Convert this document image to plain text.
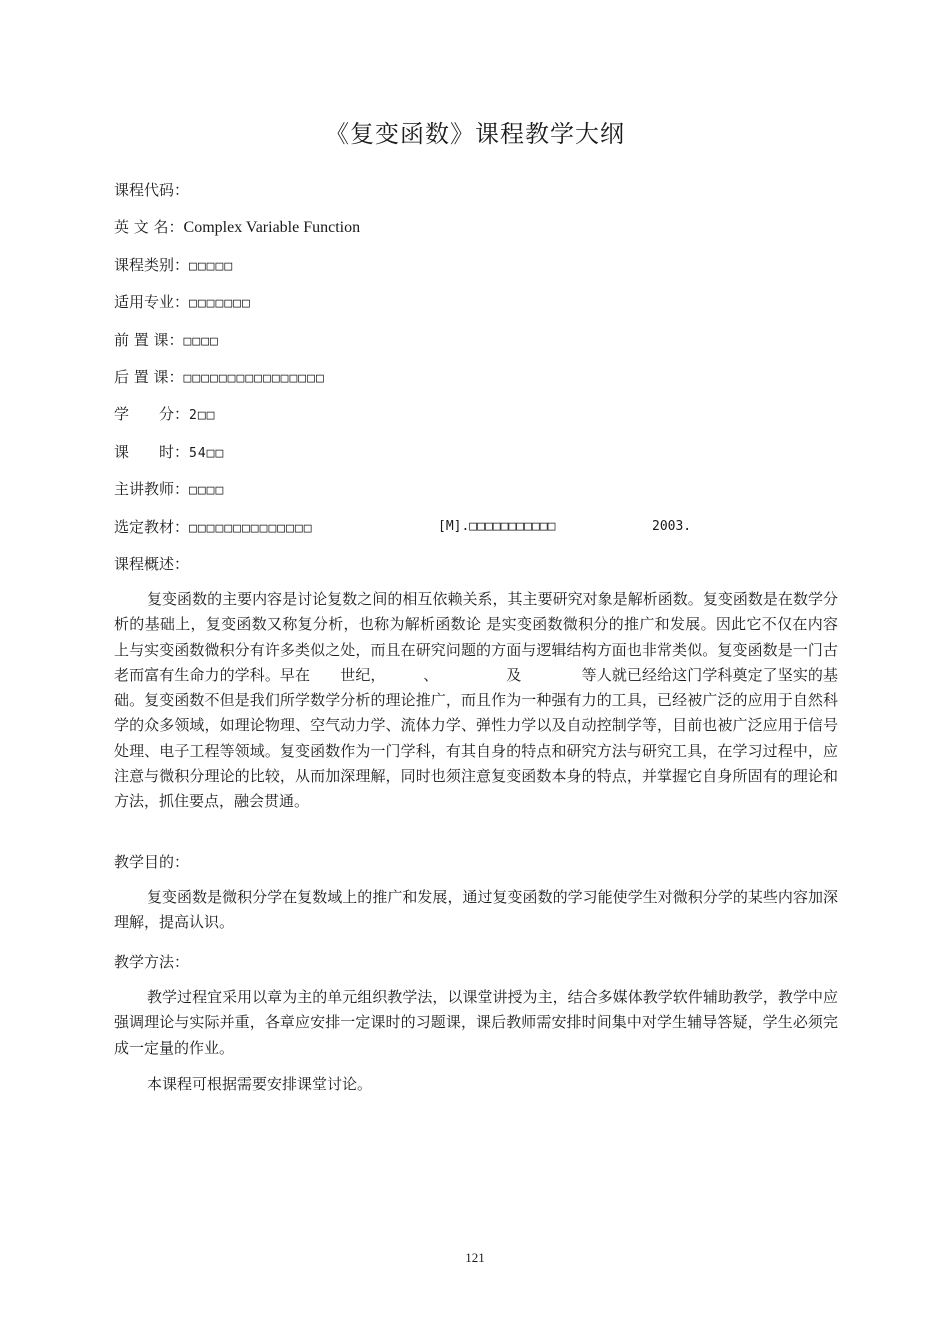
《复变函数》课程教学大纲
课程代码：
英 文 名：Complex Variable Function
课程类别：□□□□□
适用专业：□□□□□□□
前 置 课：□□□□
后 置 课：□□□□□□□□□□□□□□□□
学　　分：2□□
课　　时：54□□
主讲教师：□□□□
选定教材：□□□□□□□□□□□□□□	[M].□□□□□□□□□□□	2003.
课程概述：

复变函数的主要内容是讨论复数之间的相互依赖关系，其主要研究对象是解析函数。复变函数是在数学分析的基础上，复变函数又称复分析，也称为解析函数论 是实变函数微积分的推广和发展。因此它不仅在内容上与实变函数微积分有许多类似之处，而且在研究问题的方面与逻辑结构方面也非常类似。复变函数是一门古老而富有生命力的学科。早在　　世纪，　　　、　　　　　及　　　　等人就已经给这门学科奠定了坚实的基础。复变函数不但是我们所学数学分析的理论推广，而且作为一种强有力的工具，已经被广泛的应用于自然科学的众多领域，如理论物理、空气动力学、流体力学、弹性力学以及自动控制学等，目前也被广泛应用于信号处理、电子工程等领域。复变函数作为一门学科，有其自身的特点和研究方法与研究工具，在学习过程中，应注意与微积分理论的比较，从而加深理解，同时也须注意复变函数本身的特点，并掌握它自身所固有的理论和方法，抓住要点，融会贯通。

教学目的：

复变函数是微积分学在复数域上的推广和发展，通过复变函数的学习能使学生对微积分学的某些内容加深理解，提高认识。

教学方法：

教学过程宜采用以章为主的单元组织教学法，以课堂讲授为主，结合多媒体教学软件辅助教学，教学中应强调理论与实际并重，各章应安排一定课时的习题课，课后教师需安排时间集中对学生辅导答疑，学生必须完成一定量的作业。

本课程可根据需要安排课堂讨论。

121
